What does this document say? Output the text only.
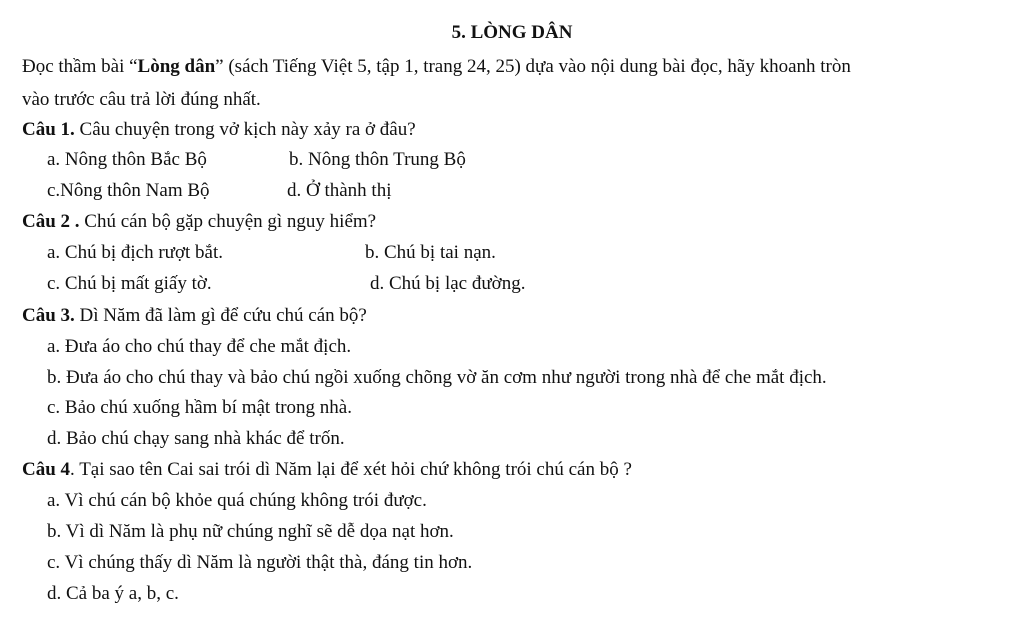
5. LÒNG DÂN
Đọc thầm bài “Lòng dân” (sách Tiếng Việt 5, tập 1, trang 24, 25) dựa vào nội dung bài đọc, hãy khoanh tròn
vào trước câu trả lời đúng nhất.
Câu 1. Câu chuyện trong vở kịch này xảy ra ở đâu?
a. Nông thôn Bắc Bộ	b. Nông thôn Trung Bộ
c.Nông thôn Nam Bộ	d. Ở thành thị
Câu 2 . Chú cán bộ gặp chuyện gì nguy hiểm?
a. Chú bị địch rượt bắt.	b. Chú bị tai nạn.
c. Chú bị mất giấy tờ.	d. Chú bị lạc đường.
Câu 3. Dì Năm đã làm gì để cứu chú cán bộ?
a. Đưa áo cho chú thay để che mắt địch.
b. Đưa áo cho chú thay và bảo chú ngồi xuống chõng vờ ăn cơm như người trong nhà để che mắt địch.
c. Bảo chú xuống hầm bí mật trong nhà.
d. Bảo chú chạy sang nhà khác để trốn.
Câu 4. Tại sao tên Cai sai trói dì Năm lại để xét hỏi chứ không trói chú cán bộ ?
a. Vì chú cán bộ khỏe quá chúng không trói được.
b. Vì dì Năm là phụ nữ chúng nghĩ sẽ dễ dọa nạt hơn.
c. Vì chúng thấy dì Năm là người thật thà, đáng tin hơn.
d. Cả ba ý a, b, c.
